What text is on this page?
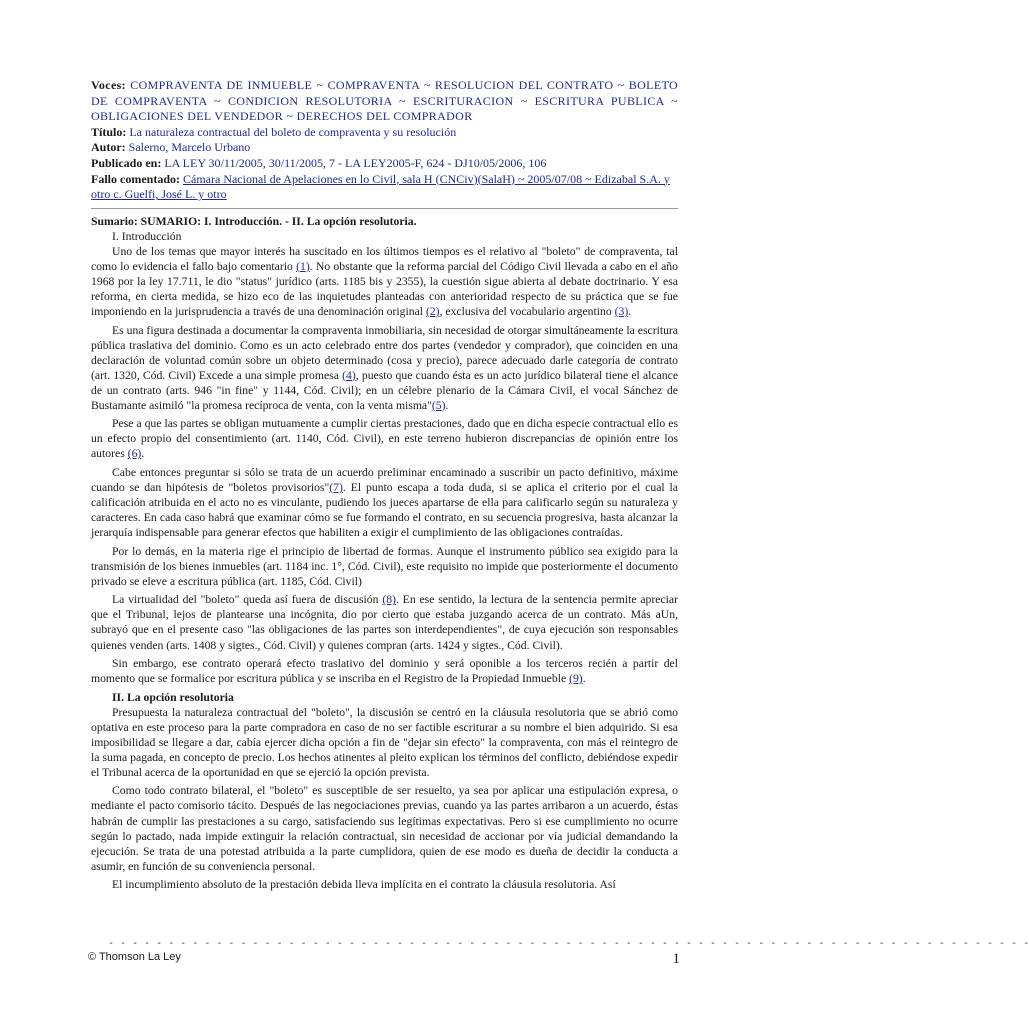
Voces: COMPRAVENTA DE INMUEBLE ~ COMPRAVENTA ~ RESOLUCION DEL CONTRATO ~ BOLETO DE COMPRAVENTA ~ CONDICION RESOLUTORIA ~ ESCRITURACION ~ ESCRITURA PUBLICA ~ OBLIGACIONES DEL VENDEDOR ~ DERECHOS DEL COMPRADOR
Título: La naturaleza contractual del boleto de compraventa y su resolución
Autor: Salerno, Marcelo Urbano
Publicado en: LA LEY 30/11/2005, 30/11/2005, 7 - LA LEY2005-F, 624 - DJ10/05/2006, 106
Fallo comentado: Cámara Nacional de Apelaciones en lo Civil, sala H (CNCiv)(SalaH) ~ 2005/07/08 ~ Edizabal S.A. y otro c. Guelfi, José L. y otro

Sumario: SUMARIO: I. Introducción. - II. La opción resolutoria.

I. Introducción

Uno de los temas que mayor interés ha suscitado en los últimos tiempos es el relativo al "boleto" de compraventa, tal como lo evidencia el fallo bajo comentario (1). No obstante que la reforma parcial del Código Civil llevada a cabo en el año 1968 por la ley 17.711, le dio "status" jurídico (arts. 1185 bis y 2355), la cuestión sigue abierta al debate doctrinario. Y esa reforma, en cierta medida, se hizo eco de las inquietudes planteadas con anterioridad respecto de su práctica que se fue imponiendo en la jurisprudencia a través de una denominación original (2), exclusiva del vocabulario argentino (3).

Es una figura destinada a documentar la compraventa inmobiliaria, sin necesidad de otorgar simultáneamente la escritura pública traslativa del dominio. Como es un acto celebrado entre dos partes (vendedor y comprador), que coinciden en una declaración de voluntad común sobre un objeto determinado (cosa y precio), parece adecuado darle categoría de contrato (art. 1320, Cód. Civil) Excede a una simple promesa (4), puesto que cuando ésta es un acto jurídico bilateral tiene el alcance de un contrato (arts. 946 "in fine" y 1144, Cód. Civil); en un célebre plenario de la Cámara Civil, el vocal Sánchez de Bustamante asimiló "la promesa recíproca de venta, con la venta misma"(5).

Pese a que las partes se obligan mutuamente a cumplir ciertas prestaciones, dado que en dicha especie contractual ello es un efecto propio del consentimiento (art. 1140, Cód. Civil), en este terreno hubieron discrepancias de opinión entre los autores (6).

Cabe entonces preguntar si sólo se trata de un acuerdo preliminar encaminado a suscribir un pacto definitivo, máxime cuando se dan hipótesis de "boletos provisorios"(7). El punto escapa a toda duda, si se aplica el criterio por el cual la calificación atribuida en el acto no es vinculante, pudiendo los jueces apartarse de ella para calificarlo según su naturaleza y caracteres. En cada caso habrá que examinar cómo se fue formando el contrato, en su secuencia progresiva, hasta alcanzar la jerarquía indispensable para generar efectos que habiliten a exigir el cumplimiento de las obligaciones contraídas.

Por lo demás, en la materia rige el principio de libertad de formas. Aunque el instrumento público sea exigido para la transmisión de los bienes inmuebles (art. 1184 inc. 1°, Cód. Civil), este requisito no impide que posteriormente el documento privado se eleve a escritura pública (art. 1185, Cód. Civil)

La virtualidad del "boleto" queda así fuera de discusión (8). En ese sentido, la lectura de la sentencia permite apreciar que el Tribunal, lejos de plantearse una incógnita, dio por cierto que estaba juzgando acerca de un contrato. Más aUn, subrayó que en el presente caso "las obligaciones de las partes son interdependientes", de cuya ejecución son responsables quienes venden (arts. 1408 y sigtes., Cód. Civil) y quienes compran (arts. 1424 y sigtes., Cód. Civil).

Sin embargo, ese contrato operará efecto traslativo del dominio y será oponible a los terceros recién a partir del momento que se formalice por escritura pública y se inscriba en el Registro de la Propiedad Inmueble (9).

II. La opción resolutoria

Presupuesta la naturaleza contractual del "boleto", la discusión se centró en la cláusula resolutoria que se abrió como optativa en este proceso para la parte compradora en caso de no ser factible escriturar a su nombre el bien adquirido. Si esa imposibilidad se llegare a dar, cabía ejercer dicha opción a fin de "dejar sin efecto" la compraventa, con más el reintegro de la suma pagada, en concepto de precio. Los hechos atinentes al pleito explican los términos del conflicto, debiéndose expedir el Tribunal acerca de la oportunidad en que se ejerció la opción prevista.

Como todo contrato bilateral, el "boleto" es susceptible de ser resuelto, ya sea por aplicar una estipulación expresa, o mediante el pacto comisorio tácito. Después de las negociaciones previas, cuando ya las partes arribaron a un acuerdo, éstas habrán de cumplir las prestaciones a su cargo, satisfaciendo sus legítimas expectativas. Pero si ese cumplimiento no ocurre según lo pactado, nada impide extinguir la relación contractual, sin necesidad de accionar por vía judicial demandando la ejecución. Se trata de una potestad atribuida a la parte cumplidora, quien de ese modo es dueña de decidir la conducta a asumir, en función de su conveniencia personal.

El incumplimiento absoluto de la prestación debida lleva implícita en el contrato la cláusula resolutoria. Así

- - - - - - - - - - - - - - - - - - - - - - - - - - - - - - - - - - - - - - - - - - - - - - - - - - - - - - - - - - - - - - - - - - - - - - - - - - - - -
© Thomson La Ley	1
